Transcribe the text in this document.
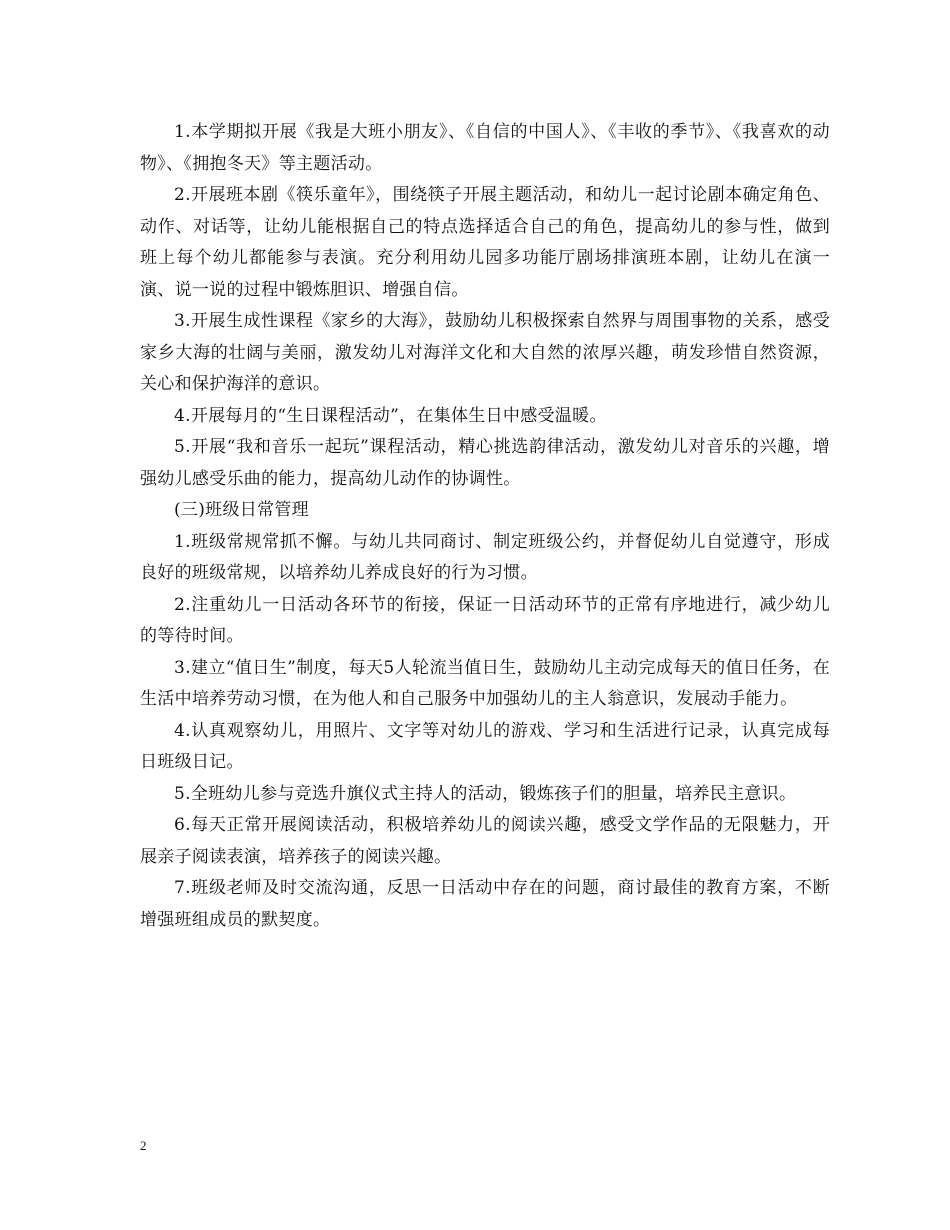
1.本学期拟开展《我是大班小朋友》、《自信的中国人》、《丰收的季节》、《我喜欢的动物》、《拥抱冬天》等主题活动。

2.开展班本剧《筷乐童年》，围绕筷子开展主题活动，和幼儿一起讨论剧本确定角色、动作、对话等，让幼儿能根据自己的特点选择适合自己的角色，提高幼儿的参与性，做到班上每个幼儿都能参与表演。充分利用幼儿园多功能厅剧场排演班本剧，让幼儿在演一演、说一说的过程中锻炼胆识、增强自信。

3.开展生成性课程《家乡的大海》，鼓励幼儿积极探索自然界与周围事物的关系，感受家乡大海的壮阔与美丽，激发幼儿对海洋文化和大自然的浓厚兴趣，萌发珍惜自然资源，关心和保护海洋的意识。

4.开展每月的“生日课程活动”，在集体生日中感受温暖。

5.开展“我和音乐一起玩”课程活动，精心挑选韵律活动，激发幼儿对音乐的兴趣，增强幼儿感受乐曲的能力，提高幼儿动作的协调性。

(三)班级日常管理

1.班级常规常抓不懈。与幼儿共同商讨、制定班级公约，并督促幼儿自觉遵守，形成良好的班级常规，以培养幼儿养成良好的行为习惯。

2.注重幼儿一日活动各环节的衔接，保证一日活动环节的正常有序地进行，减少幼儿的等待时间。

3.建立“值日生”制度，每天5人轮流当值日生，鼓励幼儿主动完成每天的值日任务，在生活中培养劳动习惯，在为他人和自己服务中加强幼儿的主人翁意识，发展动手能力。

4.认真观察幼儿，用照片、文字等对幼儿的游戏、学习和生活进行记录，认真完成每日班级日记。

5.全班幼儿参与竞选升旗仪式主持人的活动，锻炼孩子们的胆量，培养民主意识。

6.每天正常开展阅读活动，积极培养幼儿的阅读兴趣，感受文学作品的无限魅力，开展亲子阅读表演，培养孩子的阅读兴趣。

7.班级老师及时交流沟通，反思一日活动中存在的问题，商讨最佳的教育方案，不断增强班组成员的默契度。

2
